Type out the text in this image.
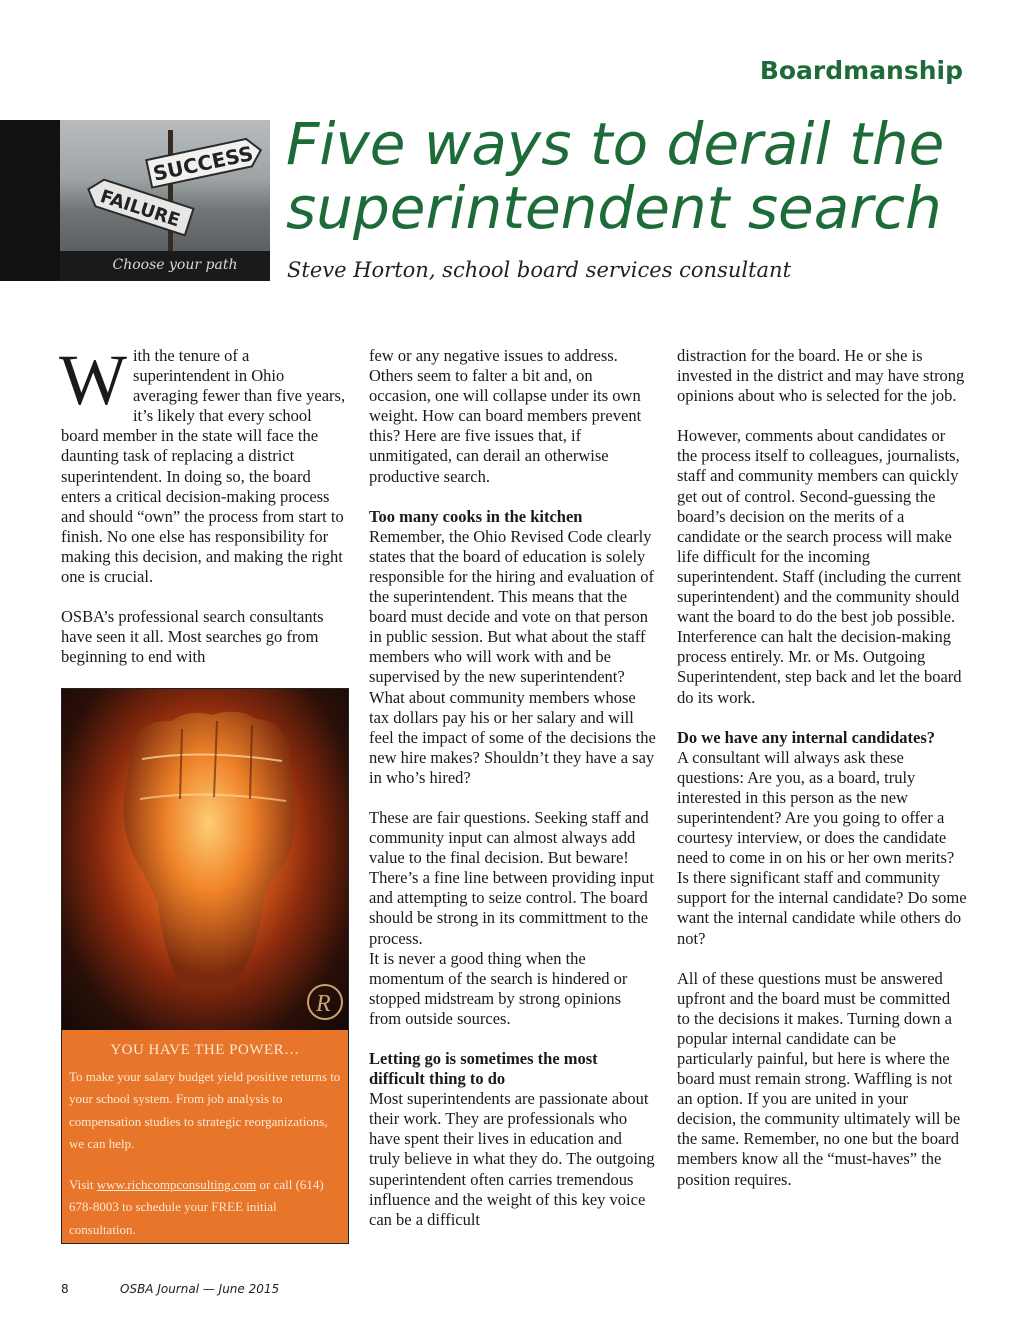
Boardmanship
SUCCESS
FAILURE
Choose your path
Five ways to derail the
superintendent search
Steve Horton, school board services consultant

With the tenure of a superintendent in Ohio averaging fewer than five years, it’s likely that every school board member in the state will face the daunting task of replacing a district superintendent. In doing so, the board enters a critical decision-making process and should “own” the process from start to finish. No one else has responsibility for making this decision, and making the right one is crucial.

OSBA’s professional search consultants have seen it all. Most searches go from beginning to end with

R
YOU HAVE THE POWER…
To make your salary budget yield positive returns to your school system. From job analysis to compensation studies to strategic reorganizations, we can help.
Visit www.richcompconsulting.com or call (614) 678-8003 to schedule your FREE initial consultation.

few or any negative issues to address. Others seem to falter a bit and, on occasion, one will collapse under its own weight. How can board members prevent this? Here are five issues that, if unmitigated, can derail an otherwise productive search.

Too many cooks in the kitchen

Remember, the Ohio Revised Code clearly states that the board of education is solely responsible for the hiring and evaluation of the superintendent. This means that the board must decide and vote on that person in public session. But what about the staff members who will work with and be supervised by the new superintendent? What about community members whose tax dollars pay his or her salary and will feel the impact of some of the decisions the new hire makes? Shouldn’t they have a say in who’s hired?

These are fair questions. Seeking staff and community input can almost always add value to the final decision. But beware! There’s a fine line between providing input and attempting to seize control. The board should be strong in its committment to the process.

It is never a good thing when the momentum of the search is hindered or stopped midstream by strong opinions from outside sources.

Letting go is sometimes the most difficult thing to do

Most superintendents are passionate about their work. They are professionals who have spent their lives in education and truly believe in what they do. The outgoing superintendent often carries tremendous influence and the weight of this key voice can be a difficult

distraction for the board. He or she is invested in the district and may have strong opinions about who is selected for the job.

However, comments about candidates or the process itself to colleagues, journalists, staff and community members can quickly get out of control. Second-guessing the board’s decision on the merits of a candidate or the search process will make life difficult for the incoming superintendent. Staff (including the current superintendent) and the community should want the board to do the best job possible. Interference can halt the decision-making process entirely. Mr. or Ms. Outgoing Superintendent, step back and let the board do its work.

Do we have any internal candidates?

A consultant will always ask these questions: Are you, as a board, truly interested in this person as the new superintendent? Are you going to offer a courtesy interview, or does the candidate need to come in on his or her own merits? Is there significant staff and community support for the internal candidate? Do some want the internal candidate while others do not?

All of these questions must be answered upfront and the board must be committed to the decisions it makes. Turning down a popular internal candidate can be particularly painful, but here is where the board must remain strong. Waffling is not an option. If you are united in your decision, the community ultimately will be the same. Remember, no one but the board members know all the “must-haves” the position requires.

8	OSBA Journal — June 2015
